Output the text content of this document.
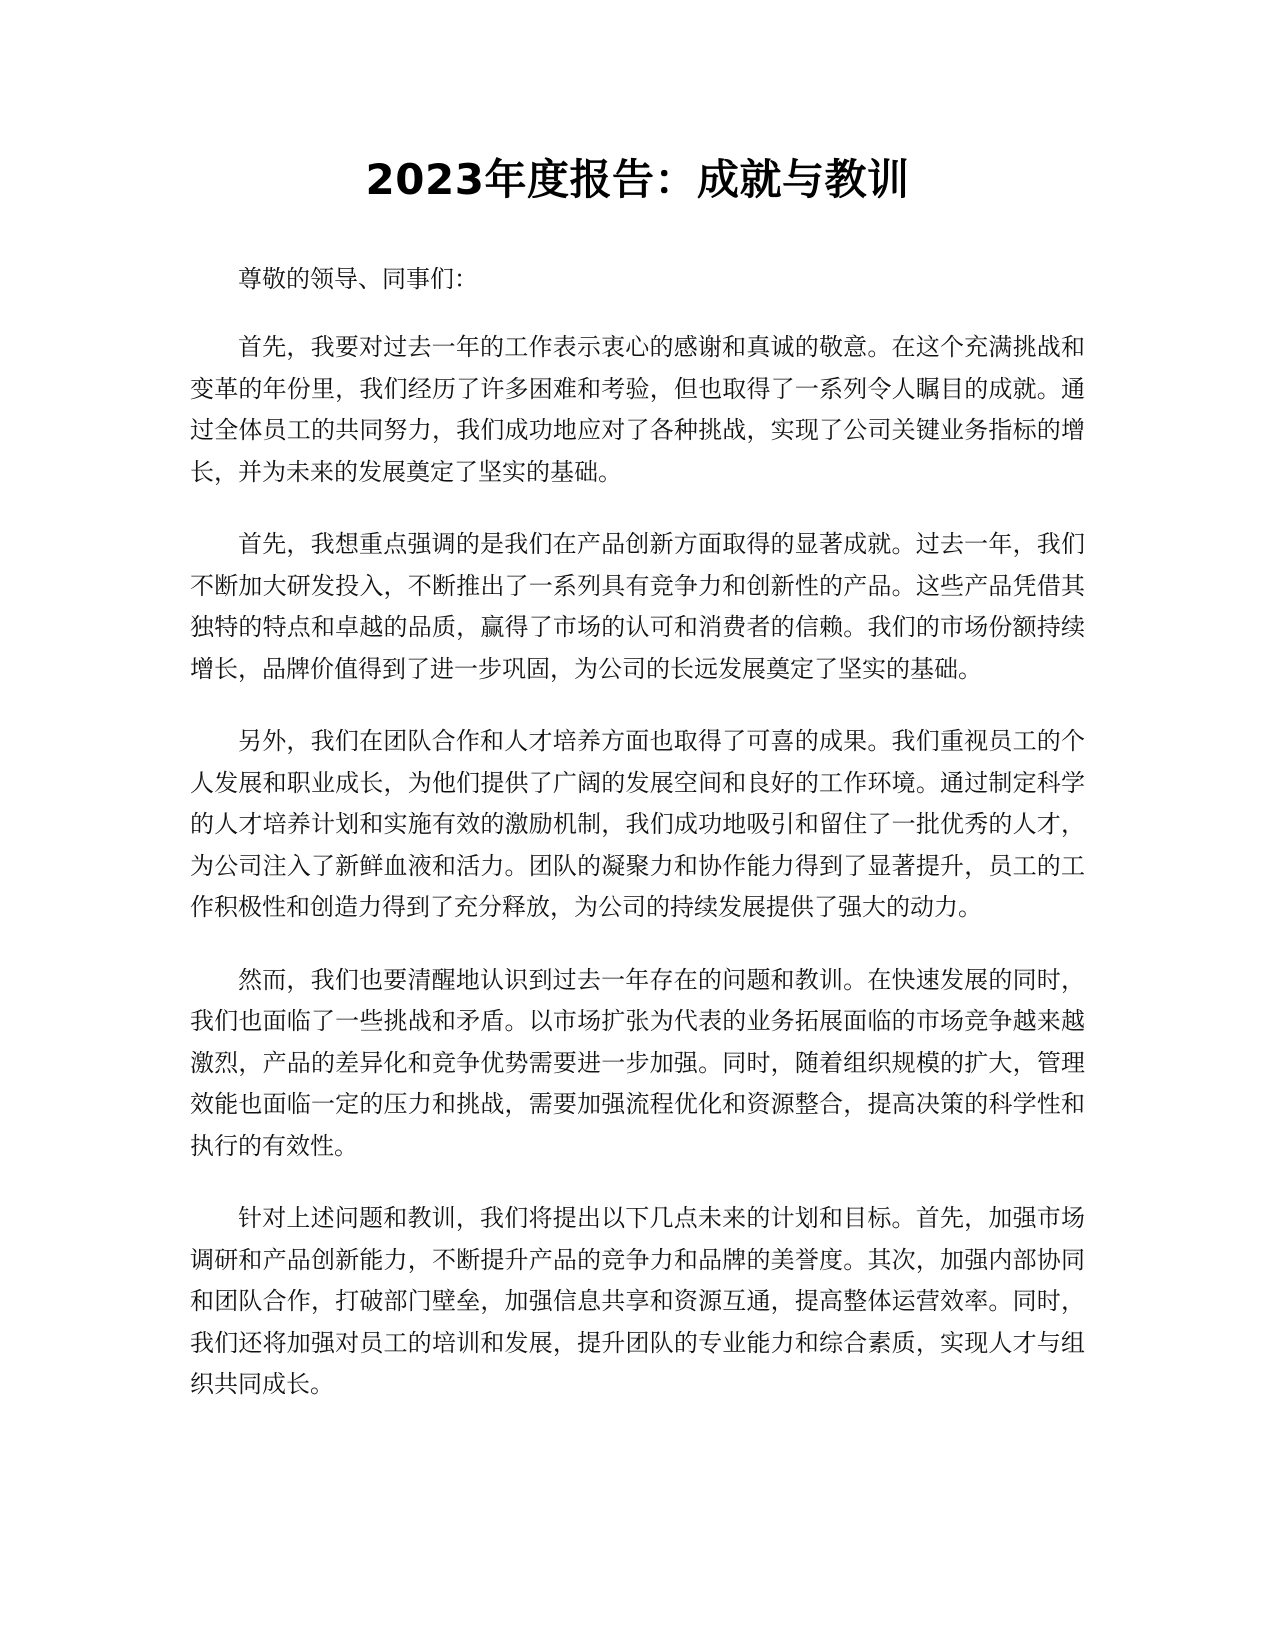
2023年度报告：成就与教训

尊敬的领导、同事们：

首先，我要对过去一年的工作表示衷心的感谢和真诚的敬意。在这个充满挑战和变革的年份里，我们经历了许多困难和考验，但也取得了一系列令人瞩目的成就。通过全体员工的共同努力，我们成功地应对了各种挑战，实现了公司关键业务指标的增长，并为未来的发展奠定了坚实的基础。

首先，我想重点强调的是我们在产品创新方面取得的显著成就。过去一年，我们不断加大研发投入，不断推出了一系列具有竞争力和创新性的产品。这些产品凭借其独特的特点和卓越的品质，赢得了市场的认可和消费者的信赖。我们的市场份额持续增长，品牌价值得到了进一步巩固，为公司的长远发展奠定了坚实的基础。

另外，我们在团队合作和人才培养方面也取得了可喜的成果。我们重视员工的个人发展和职业成长，为他们提供了广阔的发展空间和良好的工作环境。通过制定科学的人才培养计划和实施有效的激励机制，我们成功地吸引和留住了一批优秀的人才，为公司注入了新鲜血液和活力。团队的凝聚力和协作能力得到了显著提升，员工的工作积极性和创造力得到了充分释放，为公司的持续发展提供了强大的动力。

然而，我们也要清醒地认识到过去一年存在的问题和教训。在快速发展的同时，我们也面临了一些挑战和矛盾。以市场扩张为代表的业务拓展面临的市场竞争越来越激烈，产品的差异化和竞争优势需要进一步加强。同时，随着组织规模的扩大，管理效能也面临一定的压力和挑战，需要加强流程优化和资源整合，提高决策的科学性和执行的有效性。

针对上述问题和教训，我们将提出以下几点未来的计划和目标。首先，加强市场调研和产品创新能力，不断提升产品的竞争力和品牌的美誉度。其次，加强内部协同和团队合作，打破部门壁垒，加强信息共享和资源互通，提高整体运营效率。同时，我们还将加强对员工的培训和发展，提升团队的专业能力和综合素质，实现人才与组织共同成长。
